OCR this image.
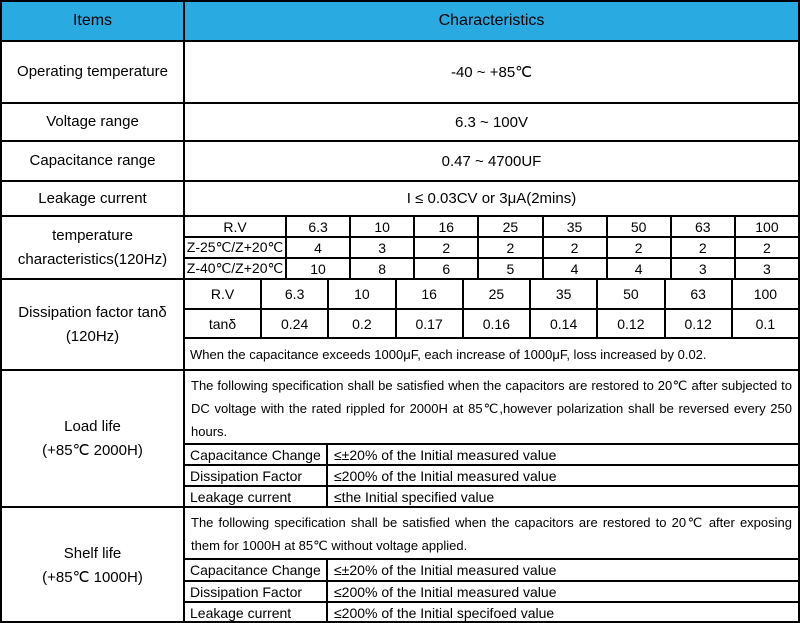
Items	Characteristics
Operating temperature	-40 ~ +85℃
Voltage range	6.3 ~ 100V
Capacitance range	0.47 ~ 4700UF
Leakage current	I ≤ 0.03CV or 3μA(2mins)
temperature
characteristics(120Hz)
R.V	6.3	10	16	25	35	50	63	100
Z-25℃/Z+20℃	4	3	2	2	2	2	2	2
Z-40℃/Z+20℃	10	8	6	5	4	4	3	3
Dissipation factor tanδ
(120Hz)
R.V	6.3	10	16	25	35	50	63	100
tanδ	0.24	0.2	0.17	0.16	0.14	0.12	0.12	0.1
When the capacitance exceeds 1000μF, each increase of 1000μF, loss increased by 0.02.
Load life
(+85℃ 2000H)
The following specification shall be satisfied when the capacitors are restored to 20℃ after subjected to DC voltage with the rated rippled for 2000H at 85℃,however polarization shall be reversed every 250 hours.
Capacitance Change ≤±20% of the Initial measured value
Dissipation Factor	≤200% of the Initial measured value
Leakage current	≤the Initial specified value
Shelf life
(+85℃ 1000H)
The following specification shall be satisfied when the capacitors are restored to 20℃ after exposing them for 1000H at 85℃ without voltage applied.
Capacitance Change ≤±20% of the Initial measured value
Dissipation Factor	≤200% of the Initial measured value
Leakage current	≤200% of the Initial specifoed value
